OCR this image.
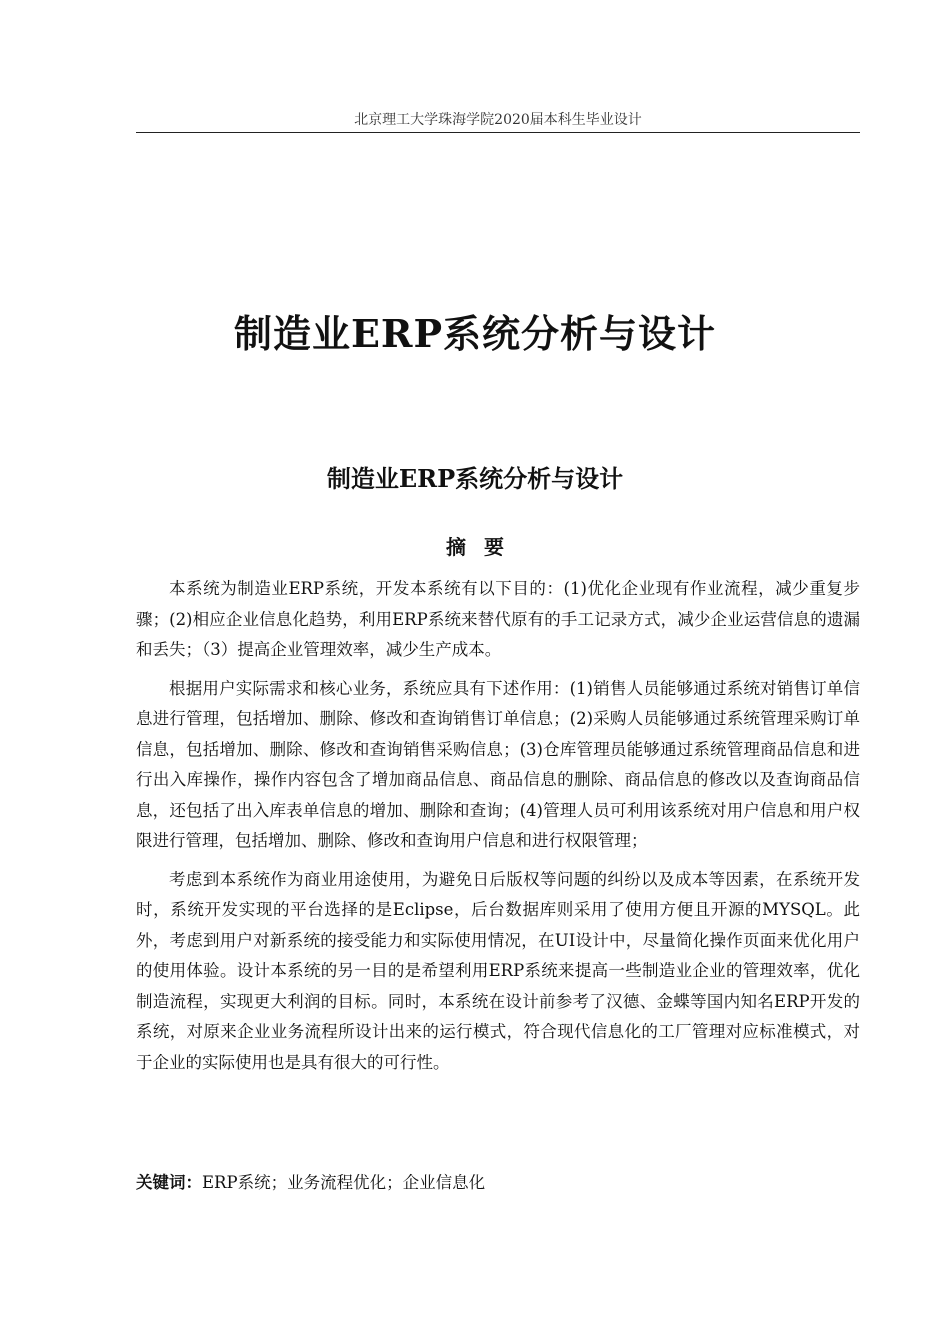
北京理工大学珠海学院2020届本科生毕业设计
制造业ERP系统分析与设计
制造业ERP系统分析与设计
摘要

本系统为制造业ERP系统，开发本系统有以下目的：(1)优化企业现有作业流程，减少重复步骤；(2)相应企业信息化趋势，利用ERP系统来替代原有的手工记录方式，减少企业运营信息的遗漏和丢失；（3）提高企业管理效率，减少生产成本。

根据用户实际需求和核心业务，系统应具有下述作用：(1)销售人员能够通过系统对销售订单信息进行管理，包括增加、删除、修改和查询销售订单信息；(2)采购人员能够通过系统管理采购订单信息，包括增加、删除、修改和查询销售采购信息；(3)仓库管理员能够通过系统管理商品信息和进行出入库操作，操作内容包含了增加商品信息、商品信息的删除、商品信息的修改以及查询商品信息，还包括了出入库表单信息的增加、删除和查询；(4)管理人员可利用该系统对用户信息和用户权限进行管理，包括增加、删除、修改和查询用户信息和进行权限管理；

考虑到本系统作为商业用途使用，为避免日后版权等问题的纠纷以及成本等因素，在系统开发时，系统开发实现的平台选择的是Eclipse，后台数据库则采用了使用方便且开源的MYSQL。此外，考虑到用户对新系统的接受能力和实际使用情况，在UI设计中，尽量简化操作页面来优化用户的使用体验。设计本系统的另一目的是希望利用ERP系统来提高一些制造业企业的管理效率，优化制造流程，实现更大利润的目标。同时，本系统在设计前参考了汉德、金蝶等国内知名ERP开发的系统，对原来企业业务流程所设计出来的运行模式，符合现代信息化的工厂管理对应标准模式，对于企业的实际使用也是具有很大的可行性。

关键词：ERP系统；业务流程优化；企业信息化
